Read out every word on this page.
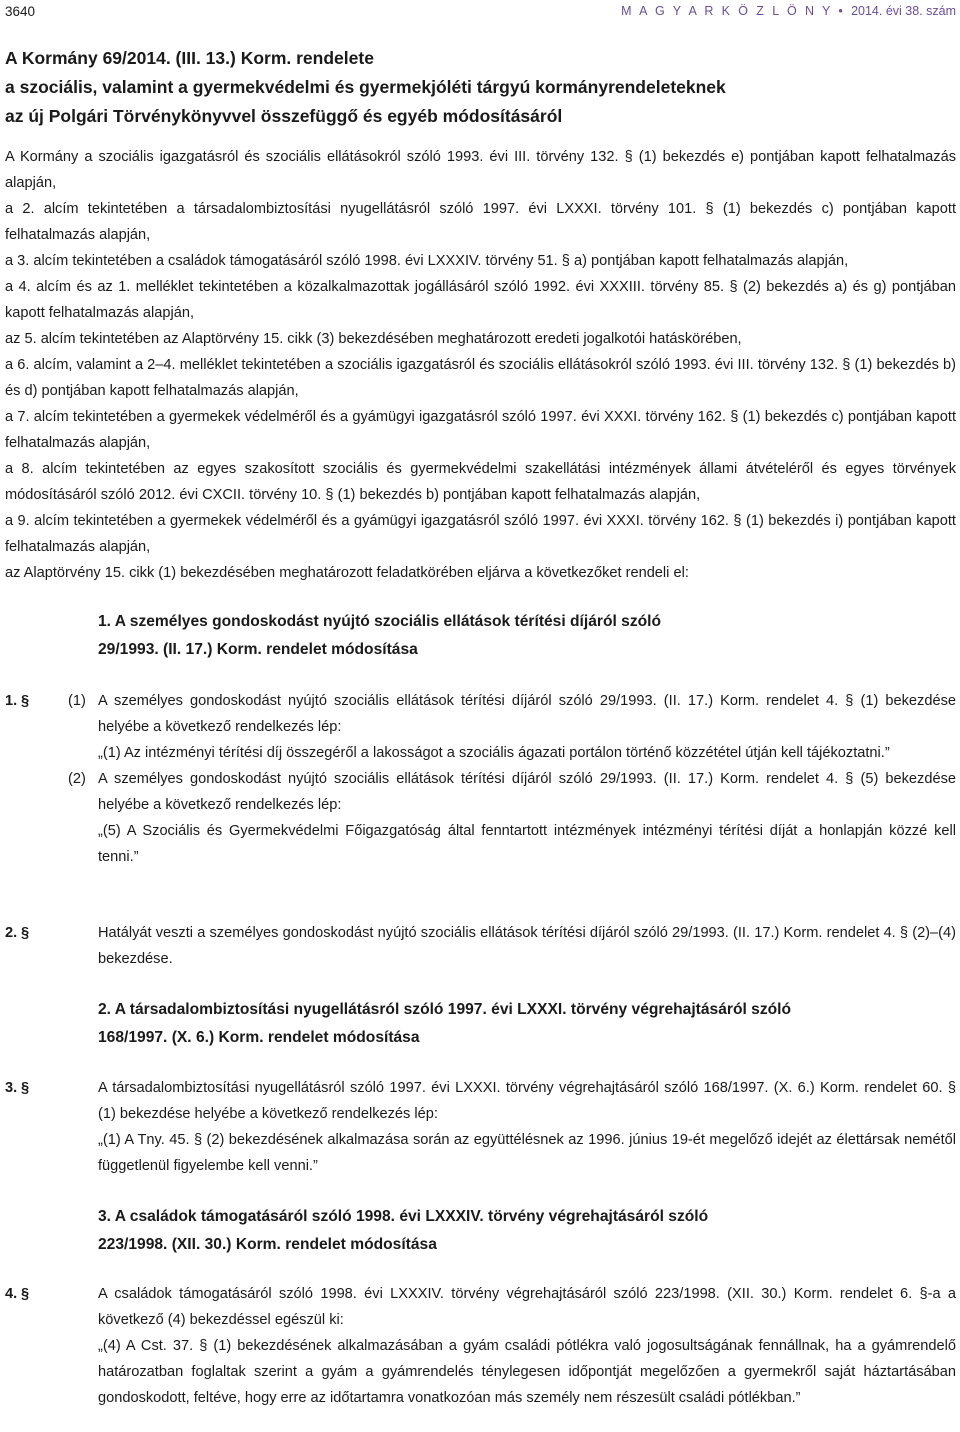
3640	M A G Y A R K Ö Z L Ö N Y • 2014. évi 38. szám
A Kormány 69/2014. (III. 13.) Korm. rendelete
a szociális, valamint a gyermekvédelmi és gyermekjóléti tárgyú kormányrendeleteknek
az új Polgári Törvénykönyvvel összefüggő és egyéb módosításáról

A Kormány a szociális igazgatásról és szociális ellátásokról szóló 1993. évi III. törvény 132. § (1) bekezdés e) pontjában kapott felhatalmazás alapján,

a 2. alcím tekintetében a társadalombiztosítási nyugellátásról szóló 1997. évi LXXXI. törvény 101. § (1) bekezdés c) pontjában kapott felhatalmazás alapján,

a 3. alcím tekintetében a családok támogatásáról szóló 1998. évi LXXXIV. törvény 51. § a) pontjában kapott felhatalmazás alapján,

a 4. alcím és az 1. melléklet tekintetében a közalkalmazottak jogállásáról szóló 1992. évi XXXIII. törvény 85. § (2) bekezdés a) és g) pontjában kapott felhatalmazás alapján,

az 5. alcím tekintetében az Alaptörvény 15. cikk (3) bekezdésében meghatározott eredeti jogalkotói hatáskörében,

a 6. alcím, valamint a 2–4. melléklet tekintetében a szociális igazgatásról és szociális ellátásokról szóló 1993. évi III. törvény 132. § (1) bekezdés b) és d) pontjában kapott felhatalmazás alapján,

a 7. alcím tekintetében a gyermekek védelméről és a gyámügyi igazgatásról szóló 1997. évi XXXI. törvény 162. § (1) bekezdés c) pontjában kapott felhatalmazás alapján,

a 8. alcím tekintetében az egyes szakosított szociális és gyermekvédelmi szakellátási intézmények állami átvételéről és egyes törvények módosításáról szóló 2012. évi CXCII. törvény 10. § (1) bekezdés b) pontjában kapott felhatalmazás alapján,

a 9. alcím tekintetében a gyermekek védelméről és a gyámügyi igazgatásról szóló 1997. évi XXXI. törvény 162. § (1) bekezdés i) pontjában kapott felhatalmazás alapján,

az Alaptörvény 15. cikk (1) bekezdésében meghatározott feladatkörében eljárva a következőket rendeli el:

1. A személyes gondoskodást nyújtó szociális ellátások térítési díjáról szóló
29/1993. (II. 17.) Korm. rendelet módosítása
1. §	(1) A személyes gondoskodást nyújtó szociális ellátások térítési díjáról szóló 29/1993. (II. 17.) Korm. rendelet 4. § (1) bekezdése helyébe a következő rendelkezés lép:

„(1) Az intézményi térítési díj összegéről a lakosságot a szociális ágazati portálon történő közzététel útján kell tájékoztatni.”

(2) A személyes gondoskodást nyújtó szociális ellátások térítési díjáról szóló 29/1993. (II. 17.) Korm. rendelet 4. § (5) bekezdése helyébe a következő rendelkezés lép:

„(5) A Szociális és Gyermekvédelmi Főigazgatóság által fenntartott intézmények intézményi térítési díját a honlapján közzé kell tenni.”

2. §	Hatályát veszti a személyes gondoskodást nyújtó szociális ellátások térítési díjáról szóló 29/1993. (II. 17.) Korm. rendelet 4. § (2)–(4) bekezdése.

2. A társadalombiztosítási nyugellátásról szóló 1997. évi LXXXI. törvény végrehajtásáról szóló
168/1997. (X. 6.) Korm. rendelet módosítása
3. §	A társadalombiztosítási nyugellátásról szóló 1997. évi LXXXI. törvény végrehajtásáról szóló 168/1997. (X. 6.) Korm. rendelet 60. § (1) bekezdése helyébe a következő rendelkezés lép:

„(1) A Tny. 45. § (2) bekezdésének alkalmazása során az együttélésnek az 1996. június 19-ét megelőző idejét az élettársak nemétől függetlenül figyelembe kell venni.”

3. A családok támogatásáról szóló 1998. évi LXXXIV. törvény végrehajtásáról szóló
223/1998. (XII. 30.) Korm. rendelet módosítása
4. §	A családok támogatásáról szóló 1998. évi LXXXIV. törvény végrehajtásáról szóló 223/1998. (XII. 30.) Korm. rendelet 6. §-a a következő (4) bekezdéssel egészül ki:

„(4) A Cst. 37. § (1) bekezdésének alkalmazásában a gyám családi pótlékra való jogosultságának fennállnak, ha a gyámrendelő határozatban foglaltak szerint a gyám a gyámrendelés ténylegesen időpontját megelőzően a gyermekről saját háztartásában gondoskodott, feltéve, hogy erre az időtartamra vonatkozóan más személy nem részesült családi pótlékban.”
